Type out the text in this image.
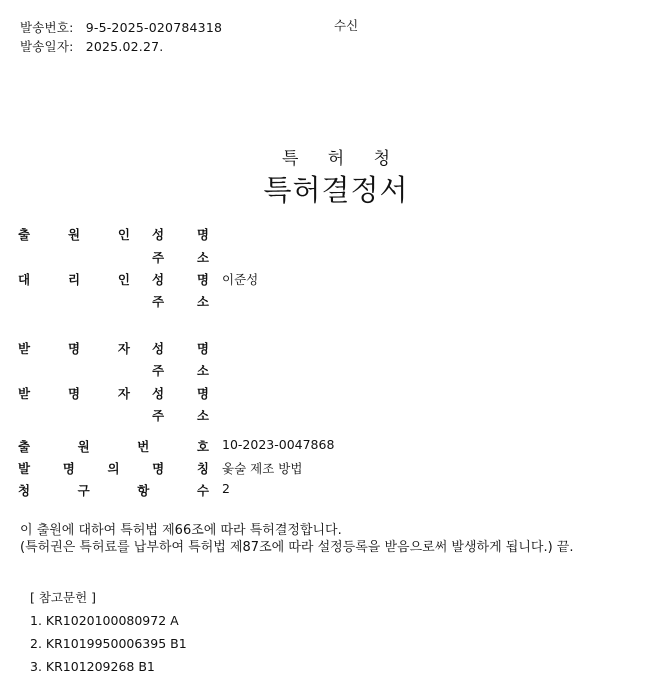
발송번호: 9-5-2025-020784318	수신
발송일자: 2025.02.27.
특 허 청
특허결정서
출	원	인 성	명
주	소
대	리	인 성	명 이준성
주	소
받	명	자 성	명
주	소
받	명	자 성	명
주	소
출	원	번	호 10-2023-0047868
발	명	의	명	칭 옻술 제조 방법
청	구	항	수 2

이 출원에 대하여 특허법 제66조에 따라 특허결정합니다.

(특허권은 특허료를 납부하여 특허법 제87조에 따라 설정등록을 받음으로써 발생하게 됩니다.) 끝.

[ 참고문헌 ]
1. KR1020100080972 A
2. KR1019950006395 B1
3. KR101209268 B1
